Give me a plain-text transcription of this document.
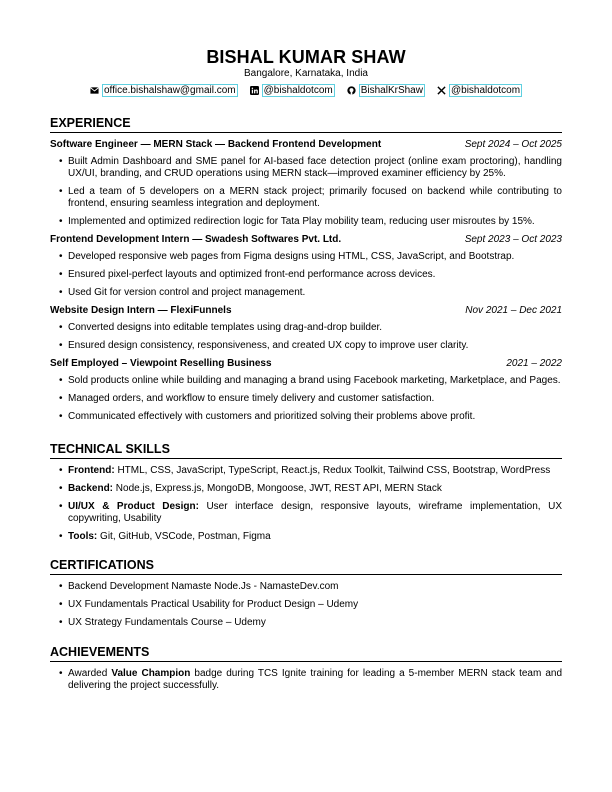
BISHAL KUMAR SHAW
Bangalore, Karnataka, India
office.bishalshaw@gmail.com	@bishaldotcom	BishalKrShaw	@bishaldotcom
EXPERIENCE
Software Engineer — MERN Stack — Backend Frontend Development	Sept 2024 – Oct 2025
• Built Admin Dashboard and SME panel for AI-based face detection project (online exam proctoring), handling UX/UI, branding, and CRUD operations using MERN stack—improved examiner efficiency by 25%.
• Led a team of 5 developers on a MERN stack project; primarily focused on backend while contributing to frontend, ensuring seamless integration and deployment.
• Implemented and optimized redirection logic for Tata Play mobility team, reducing user misroutes by 15%.
Frontend Development Intern — Swadesh Softwares Pvt. Ltd.	Sept 2023 – Oct 2023
• Developed responsive web pages from Figma designs using HTML, CSS, JavaScript, and Bootstrap.
• Ensured pixel-perfect layouts and optimized front-end performance across devices.
• Used Git for version control and project management.
Website Design Intern — FlexiFunnels	Nov 2021 – Dec 2021
• Converted designs into editable templates using drag-and-drop builder.
• Ensured design consistency, responsiveness, and created UX copy to improve user clarity.
Self Employed – Viewpoint Reselling Business	2021 – 2022
• Sold products online while building and managing a brand using Facebook marketing, Marketplace, and Pages.
• Managed orders, and workflow to ensure timely delivery and customer satisfaction.
• Communicated effectively with customers and prioritized solving their problems above profit.
TECHNICAL SKILLS
• Frontend: HTML, CSS, JavaScript, TypeScript, React.js, Redux Toolkit, Tailwind CSS, Bootstrap, WordPress
• Backend: Node.js, Express.js, MongoDB, Mongoose, JWT, REST API, MERN Stack
• UI/UX & Product Design: User interface design, responsive layouts, wireframe implementation, UX copywriting, Usability
• Tools: Git, GitHub, VSCode, Postman, Figma
CERTIFICATIONS
• Backend Development Namaste Node.Js - NamasteDev.com
• UX Fundamentals Practical Usability for Product Design – Udemy
• UX Strategy Fundamentals Course – Udemy
ACHIEVEMENTS
• Awarded Value Champion badge during TCS Ignite training for leading a 5-member MERN stack team and delivering the project successfully.
